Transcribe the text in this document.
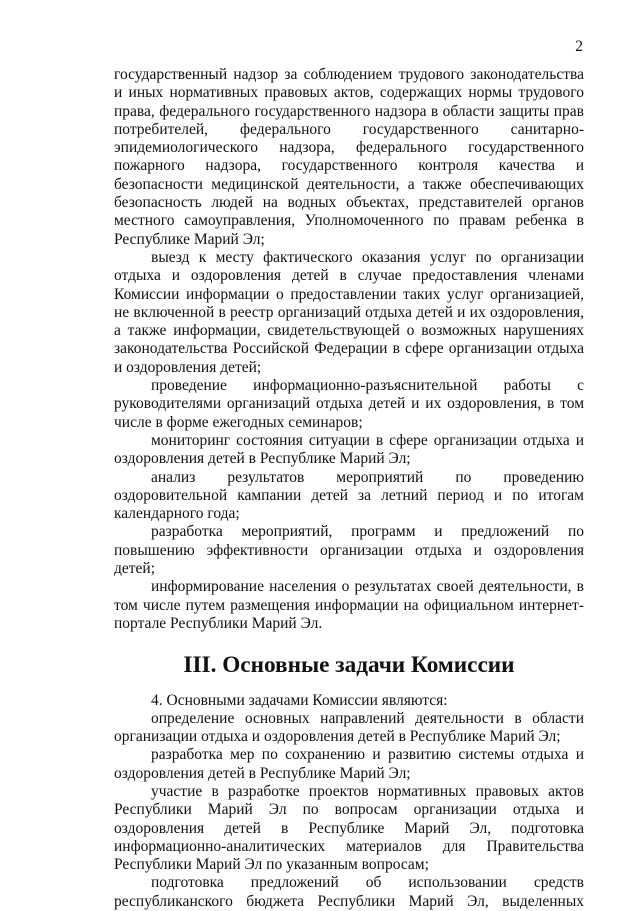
2

государственный надзор за соблюдением трудового законодательства и иных нормативных правовых актов, содержащих нормы трудового права, федерального государственного надзора в области защиты прав потребителей, федерального государственного санитарно-эпидемиологического надзора, федерального государственного пожарного надзора, государственного контроля качества и безопасности медицинской деятельности, а также обеспечивающих безопасность людей на водных объектах, представителей органов местного самоуправления, Уполномоченного по правам ребенка в Республике Марий Эл;

выезд к месту фактического оказания услуг по организации отдыха и оздоровления детей в случае предоставления членами Комиссии информации о предоставлении таких услуг организацией, не включенной в реестр организаций отдыха детей и их оздоровления, а также информации, свидетельствующей о возможных нарушениях законодательства Российской Федерации в сфере организации отдыха и оздоровления детей;

проведение информационно-разъяснительной работы с руководителями организаций отдыха детей и их оздоровления, в том числе в форме ежегодных семинаров;

мониторинг состояния ситуации в сфере организации отдыха и оздоровления детей в Республике Марий Эл;

анализ результатов мероприятий по проведению оздоровительной кампании детей за летний период и по итогам календарного года;

разработка мероприятий, программ и предложений по повышению эффективности организации отдыха и оздоровления детей;

информирование населения о результатах своей деятельности, в том числе путем размещения информации на официальном интернет-портале Республики Марий Эл.

III. Основные задачи Комиссии

4. Основными задачами Комиссии являются:

определение основных направлений деятельности в области организации отдыха и оздоровления детей в Республике Марий Эл;

разработка мер по сохранению и развитию системы отдыха и оздоровления детей в Республике Марий Эл;

участие в разработке проектов нормативных правовых актов Республики Марий Эл по вопросам организации отдыха и оздоровления детей в Республике Марий Эл, подготовка информационно-аналитических материалов для Правительства Республики Марий Эл по указанным вопросам;

подготовка предложений об использовании средств республиканского бюджета Республики Марий Эл, выделенных
